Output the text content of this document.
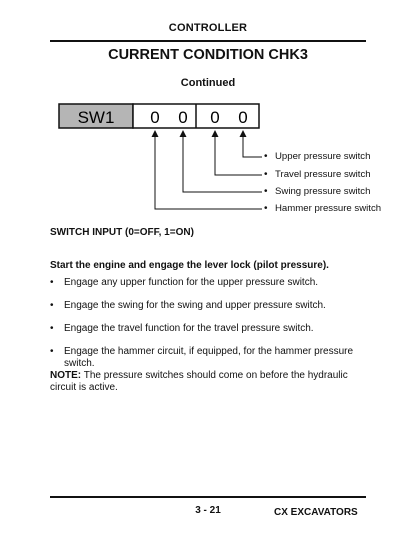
CONTROLLER
CURRENT CONDITION CHK3
Continued
SW1 0 0 0 0
• Upper pressure switch
• Travel pressure switch
• Swing pressure switch
• Hammer pressure switch
SWITCH INPUT (0=OFF, 1=ON)
Start the engine and engage the lever lock (pilot pressure).
• Engage any upper function for the upper pressure switch.
• Engage the swing for the swing and upper pressure switch.
• Engage the travel function for the travel pressure switch.
• Engage the hammer circuit, if equipped, for the hammer pressure switch.
NOTE: The pressure switches should come on before the hydraulic circuit is active.
3 - 21	CX EXCAVATORS
